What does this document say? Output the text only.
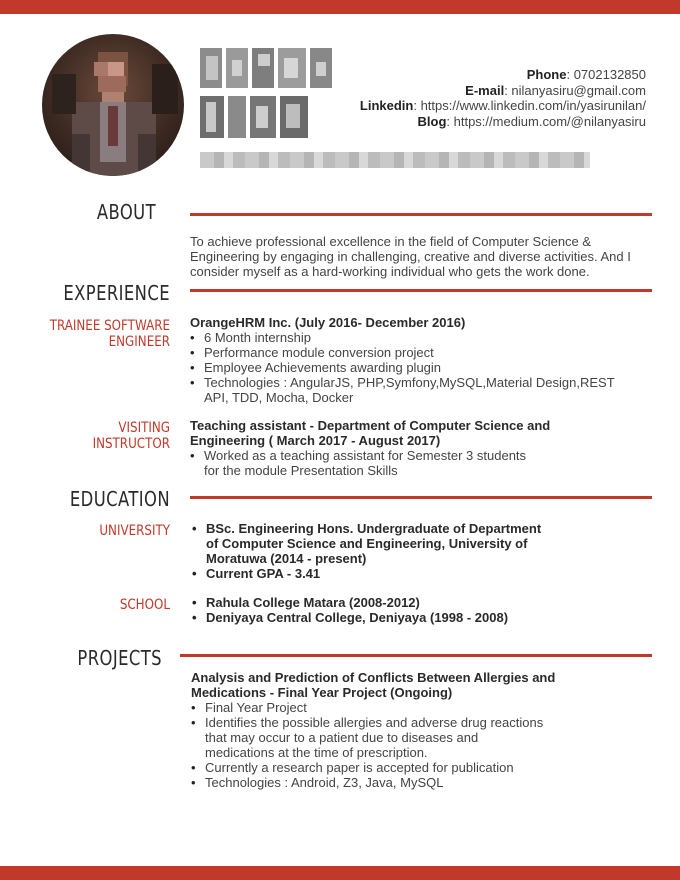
Phone: 0702132850
E-mail: nilanyasiru@gmail.com
Linkedin: https://www.linkedin.com/in/yasirunilan/
Blog: https://medium.com/@nilanyasiru
ABOUT
To achieve professional excellence in the field of Computer Science & Engineering by engaging in challenging, creative and diverse activities. And I consider myself as a hard-working individual who gets the work done.
EXPERIENCE
TRAINEE SOFTWARE ENGINEER
OrangeHRM Inc. (July 2016- December 2016)
• 6 Month internship
• Performance module conversion project
• Employee Achievements awarding plugin
• Technologies : AngularJS, PHP,Symfony,MySQL,Material Design,REST API, TDD, Mocha, Docker
VISITING INSTRUCTOR
Teaching assistant - Department of Computer Science and Engineering ( March 2017 - August 2017)
• Worked as a teaching assistant for Semester 3 students for the module Presentation Skills
EDUCATION
UNIVERSITY	• BSc. Engineering Hons. Undergraduate of Department of Computer Science and Engineering, University of Moratuwa (2014 - present)
• Current GPA - 3.41
SCHOOL	• Rahula College Matara (2008-2012)
• Deniyaya Central College, Deniyaya (1998 - 2008)
PROJECTS
Analysis and Prediction of Conflicts Between Allergies and Medications - Final Year Project (Ongoing)
• Final Year Project
• Identifies the possible allergies and adverse drug reactions that may occur to a patient due to diseases and medications at the time of prescription.
• Currently a research paper is accepted for publication
• Technologies : Android, Z3, Java, MySQL
